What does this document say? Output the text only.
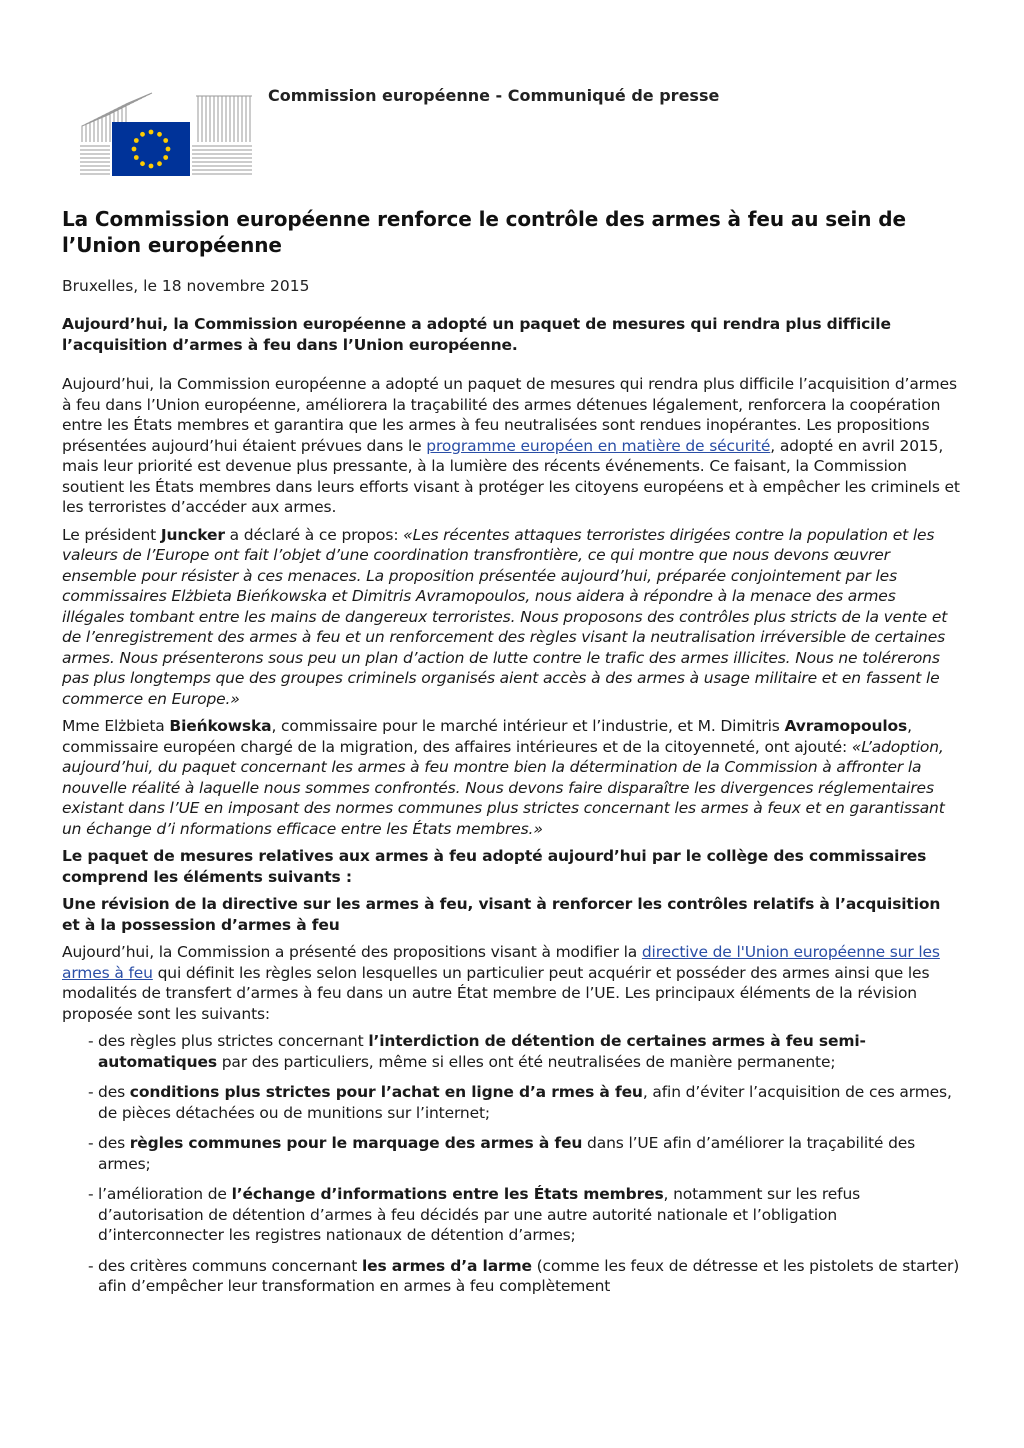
Commission européenne - Communiqué de presse
La Commission européenne renforce le contrôle des armes à feu au sein de l’Union européenne
Bruxelles, le 18 novembre 2015

Aujourd’hui, la Commission européenne a adopté un paquet de mesures qui rendra plus difficile l’acquisition d’armes à feu dans l’Union européenne.

Aujourd’hui, la Commission européenne a adopté un paquet de mesures qui rendra plus difficile l’acquisition d’armes à feu dans l’Union européenne, améliorera la traçabilité des armes détenues légalement, renforcera la coopération entre les États membres et garantira que les armes à feu neutralisées sont rendues inopérantes. Les propositions présentées aujourd’hui étaient prévues dans le programme européen en matière de sécurité, adopté en avril 2015, mais leur priorité est devenue plus pressante, à la lumière des récents événements. Ce faisant, la Commission soutient les États membres dans leurs efforts visant à protéger les citoyens européens et à empêcher les criminels et les terroristes d’accéder aux armes.

Le président Juncker a déclaré à ce propos: «Les récentes attaques terroristes dirigées contre la population et les valeurs de l’Europe ont fait l’objet d’une coordination transfrontière, ce qui montre que nous devons œuvrer ensemble pour résister à ces menaces. La proposition présentée aujourd’hui, préparée conjointement par les commissaires Elżbieta Bieńkowska et Dimitris Avramopoulos, nous aidera à répondre à la menace des armes illégales tombant entre les mains de dangereux terroristes. Nous proposons des contrôles plus stricts de la vente et de l’enregistrement des armes à feu et un renforcement des règles visant la neutralisation irréversible de certaines armes. Nous présenterons sous peu un plan d’action de lutte contre le trafic des armes illicites. Nous ne tolérerons pas plus longtemps que des groupes criminels organisés aient accès à des armes à usage militaire et en fassent le commerce en Europe.»

Mme Elżbieta Bieńkowska, commissaire pour le marché intérieur et l’industrie, et M. Dimitris Avramopoulos, commissaire européen chargé de la migration, des affaires intérieures et de la citoyenneté, ont ajouté: «L’adoption, aujourd’hui, du paquet concernant les armes à feu montre bien la détermination de la Commission à affronter la nouvelle réalité à laquelle nous sommes confrontés. Nous devons faire disparaître les divergences réglementaires existant dans l’UE en imposant des normes communes plus strictes concernant les armes à feux et en garantissant un échange d’i nformations efficace entre les États membres.»

Le paquet de mesures relatives aux armes à feu adopté aujourd’hui par le collège des commissaires comprend les éléments suivants :

Une révision de la directive sur les armes à feu, visant à renforcer les contrôles relatifs à l’acquisition et à la possession d’armes à feu

Aujourd’hui, la Commission a présenté des propositions visant à modifier la directive de l'Union européenne sur les armes à feu qui définit les règles selon lesquelles un particulier peut acquérir et posséder des armes ainsi que les modalités de transfert d’armes à feu dans un autre État membre de l’UE. Les principaux éléments de la révision proposée sont les suivants:

- des règles plus strictes concernant l’interdiction de détention de certaines armes à feu semi-automatiques par des particuliers, même si elles ont été neutralisées de manière permanente;
- des conditions plus strictes pour l’achat en ligne d’a rmes à feu, afin d’éviter l’acquisition de ces armes, de pièces détachées ou de munitions sur l’internet;
- des règles communes pour le marquage des armes à feu dans l’UE afin d’améliorer la traçabilité des armes;
- l’amélioration de l’échange d’informations entre les États membres, notamment sur les refus d’autorisation de détention d’armes à feu décidés par une autre autorité nationale et l’obligation d’interconnecter les registres nationaux de détention d’armes;
- des critères communs concernant les armes d’a larme (comme les feux de détresse et les pistolets de starter) afin d’empêcher leur transformation en armes à feu complètement
